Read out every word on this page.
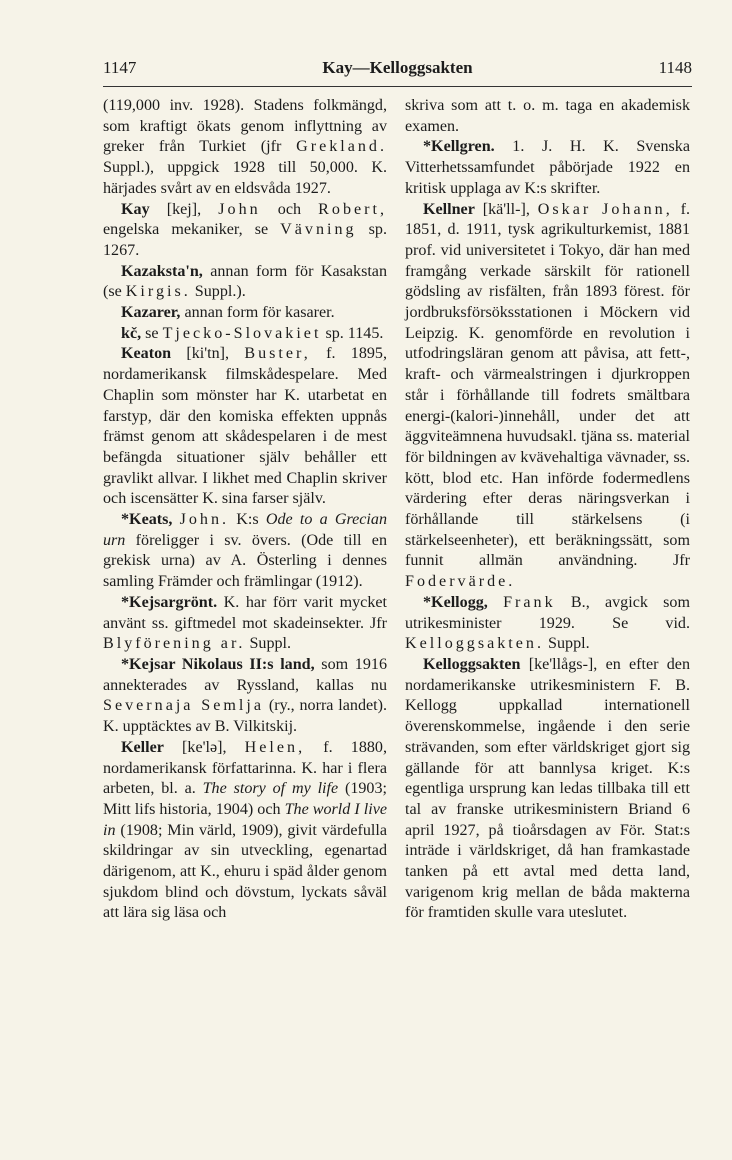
1147	Kay—Kelloggsakten	1148

(119,000 inv. 1928). Stadens folkmängd, som kraftigt ökats genom inflyttning av greker från Turkiet (jfr Grekland. Suppl.), uppgick 1928 till 50,000. K. härjades svårt av en eldsvåda 1927.

Kay [kej], John och Robert, engelska mekaniker, se Vävning sp. 1267.

Kazaksta'n, annan form för Kasakstan (se Kirgis. Suppl.).

Kazarer, annan form för kasarer.

kč, se Tjecko-Slovakiet sp. 1145.

Keaton [ki'tn], Buster, f. 1895, nordamerikansk filmskådespelare. Med Chaplin som mönster har K. utarbetat en farstyp, där den komiska effekten uppnås främst genom att skådespelaren i de mest befängda situationer själv behåller ett gravlikt allvar. I likhet med Chaplin skriver och iscensätter K. sina farser själv.

*Keats, John. K:s Ode to a Grecian urn föreligger i sv. övers. (Ode till en grekisk urna) av A. Österling i dennes samling Främder och främlingar (1912).

*Kejsargrönt. K. har förr varit mycket använt ss. giftmedel mot skadeinsekter. Jfr Blyförening ar. Suppl.

*Kejsar Nikolaus II:s land, som 1916 annekterades av Ryssland, kallas nu Severnaja Semlja (ry., norra landet). K. upptäcktes av B. Vilkitskij.

Keller [ke'lə], Helen, f. 1880, nordamerikansk författarinna. K. har i flera arbeten, bl. a. The story of my life (1903; Mitt lifs historia, 1904) och The world I live in (1908; Min värld, 1909), givit värdefulla skildringar av sin utveckling, egenartad därigenom, att K., ehuru i späd ålder genom sjukdom blind och dövstum, lyckats såväl att lära sig läsa och

skriva som att t. o. m. taga en akademisk examen.

*Kellgren. 1. J. H. K. Svenska Vitterhetssamfundet påbörjade 1922 en kritisk upplaga av K:s skrifter.

Kellner [kä'll-], Oskar Johann, f. 1851, d. 1911, tysk agrikulturkemist, 1881 prof. vid universitetet i Tokyo, där han med framgång verkade särskilt för rationell gödsling av risfälten, från 1893 förest. för jordbruksförsöksstationen i Möckern vid Leipzig. K. genomförde en revolution i utfodringsläran genom att påvisa, att fett-, kraft- och värmealstringen i djurkroppen står i förhållande till fodrets smältbara energi-(kalori-)innehåll, under det att äggviteämnena huvudsakl. tjäna ss. material för bildningen av kvävehaltiga vävnader, ss. kött, blod etc. Han införde fodermedlens värdering efter deras näringsverkan i förhållande till stärkelsens (i stärkelseenheter), ett beräkningssätt, som funnit allmän användning. Jfr Fodervärde.

*Kellogg, Frank B., avgick som utrikesminister 1929. Se vid. Kelloggsakten. Suppl.

Kelloggsakten [ke'llågs-], en efter den nordamerikanske utrikesministern F. B. Kellogg uppkallad internationell överenskommelse, ingående i den serie strävanden, som efter världskriget gjort sig gällande för att bannlysa kriget. K:s egentliga ursprung kan ledas tillbaka till ett tal av franske utrikesministern Briand 6 april 1927, på tioårsdagen av För. Stat:s inträde i världskriget, då han framkastade tanken på ett avtal med detta land, varigenom krig mellan de båda makterna för framtiden skulle vara uteslutet.
